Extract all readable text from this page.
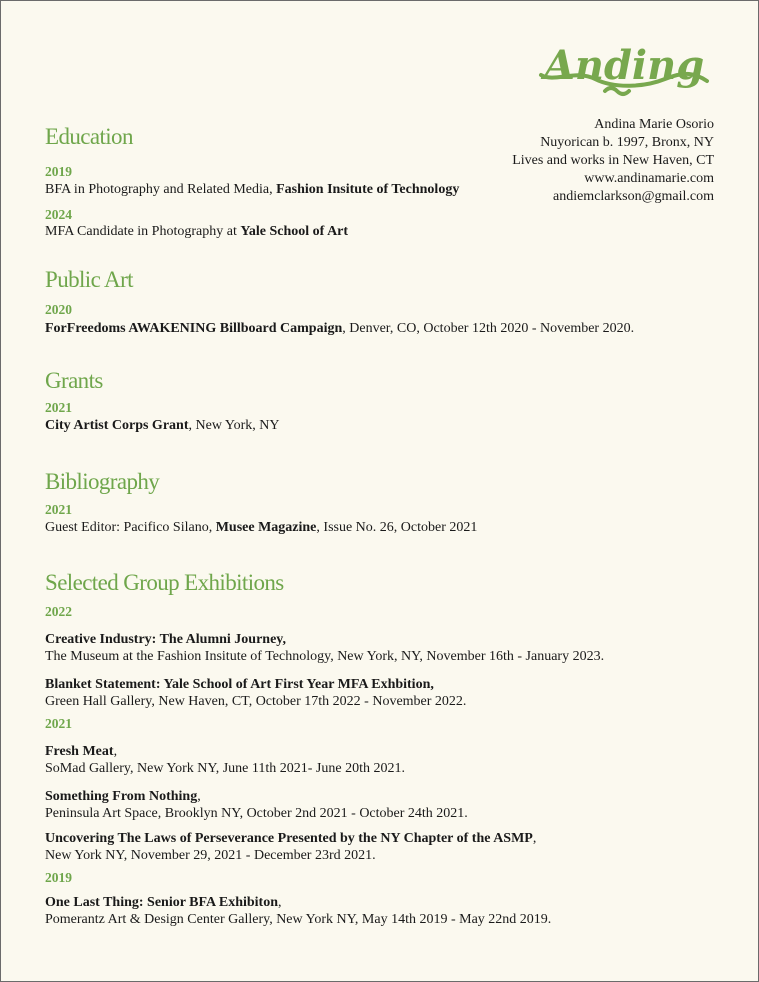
Anding
Andina Marie Osorio
Nuyorican b. 1997, Bronx, NY
Lives and works in New Haven, CT
www.andinamarie.com
andiemclarkson@gmail.com
Education
2019
BFA in Photography and Related Media, Fashion Insitute of Technology
2024
MFA Candidate in Photography at Yale School of Art
Public Art
2020
ForFreedoms AWAKENING Billboard Campaign, Denver, CO, October 12th 2020 - November 2020.
Grants
2021
City Artist Corps Grant, New York, NY
Bibliography
2021
Guest Editor: Pacifico Silano, Musee Magazine, Issue No. 26, October 2021
Selected Group Exhibitions
2022
Creative Industry: The Alumni Journey,
The Museum at the Fashion Insitute of Technology, New York, NY, November 16th - January 2023.
Blanket Statement: Yale School of Art First Year MFA Exhbition,
Green Hall Gallery, New Haven, CT, October 17th 2022 - November 2022.
2021
Fresh Meat,
SoMad Gallery, New York NY, June 11th 2021- June 20th 2021.
Something From Nothing,
Peninsula Art Space, Brooklyn NY, October 2nd 2021 - October 24th 2021.
Uncovering The Laws of Perseverance Presented by the NY Chapter of the ASMP,
New York NY, November 29, 2021 - December 23rd 2021.
2019
One Last Thing: Senior BFA Exhibiton,
Pomerantz Art & Design Center Gallery, New York NY, May 14th 2019 - May 22nd 2019.
